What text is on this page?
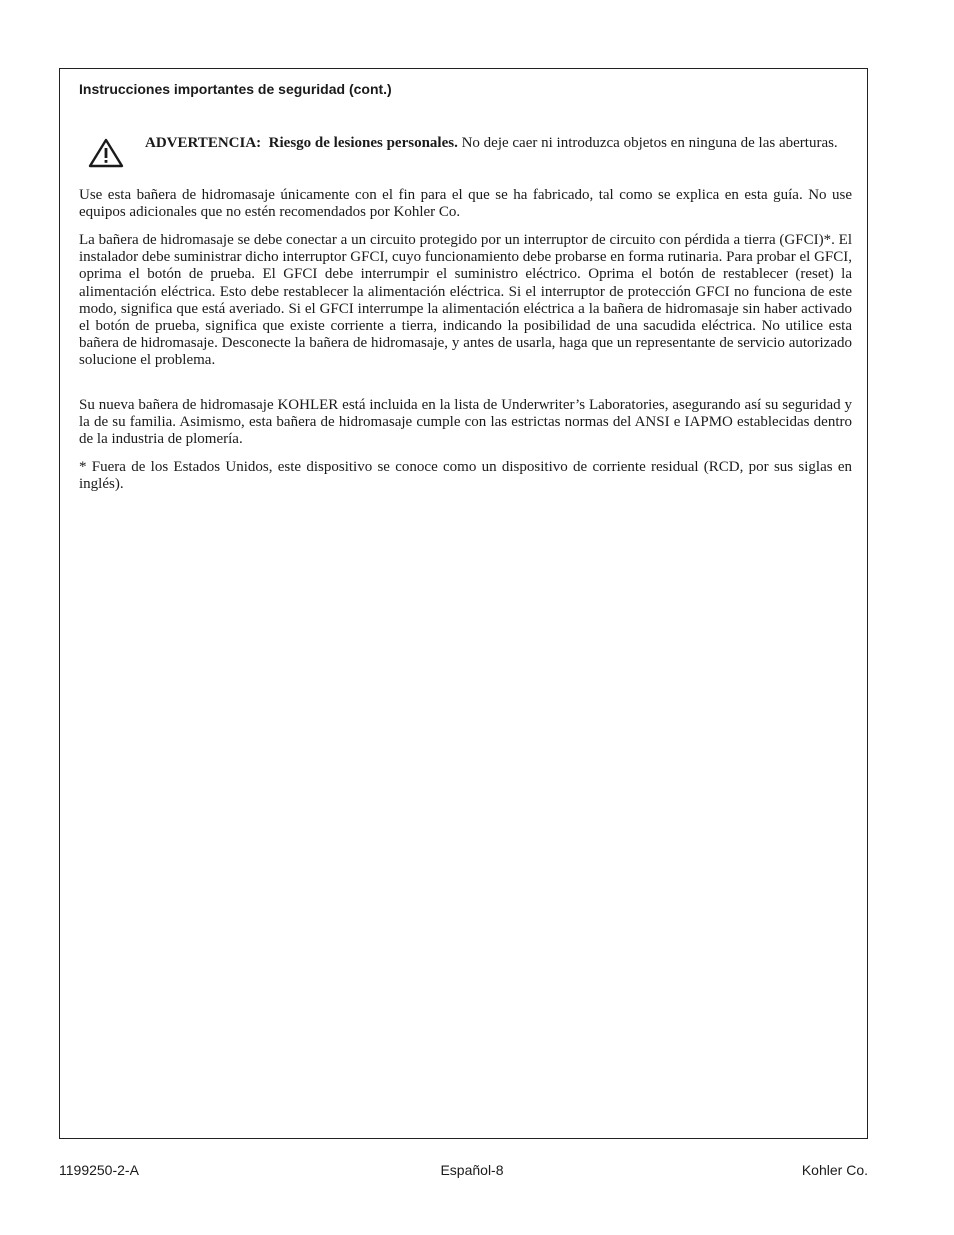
Instrucciones importantes de seguridad (cont.)

ADVERTENCIA: Riesgo de lesiones personales. No deje caer ni introduzca objetos en ninguna de las aberturas.

Use esta bañera de hidromasaje únicamente con el fin para el que se ha fabricado, tal como se explica en esta guía. No use equipos adicionales que no estén recomendados por Kohler Co.

La bañera de hidromasaje se debe conectar a un circuito protegido por un interruptor de circuito con pérdida a tierra (GFCI)*. El instalador debe suministrar dicho interruptor GFCI, cuyo funcionamiento debe probarse en forma rutinaria. Para probar el GFCI, oprima el botón de prueba. El GFCI debe interrumpir el suministro eléctrico. Oprima el botón de restablecer (reset) la alimentación eléctrica. Esto debe restablecer la alimentación eléctrica. Si el interruptor de protección GFCI no funciona de este modo, significa que está averiado. Si el GFCI interrumpe la alimentación eléctrica a la bañera de hidromasaje sin haber activado el botón de prueba, significa que existe corriente a tierra, indicando la posibilidad de una sacudida eléctrica. No utilice esta bañera de hidromasaje. Desconecte la bañera de hidromasaje, y antes de usarla, haga que un representante de servicio autorizado solucione el problema.

Su nueva bañera de hidromasaje KOHLER está incluida en la lista de Underwriter’s Laboratories, asegurando así su seguridad y la de su familia. Asimismo, esta bañera de hidromasaje cumple con las estrictas normas del ANSI e IAPMO establecidas dentro de la industria de plomería.

* Fuera de los Estados Unidos, este dispositivo se conoce como un dispositivo de corriente residual (RCD, por sus siglas en inglés).

1199250-2-A	Español-8	Kohler Co.
